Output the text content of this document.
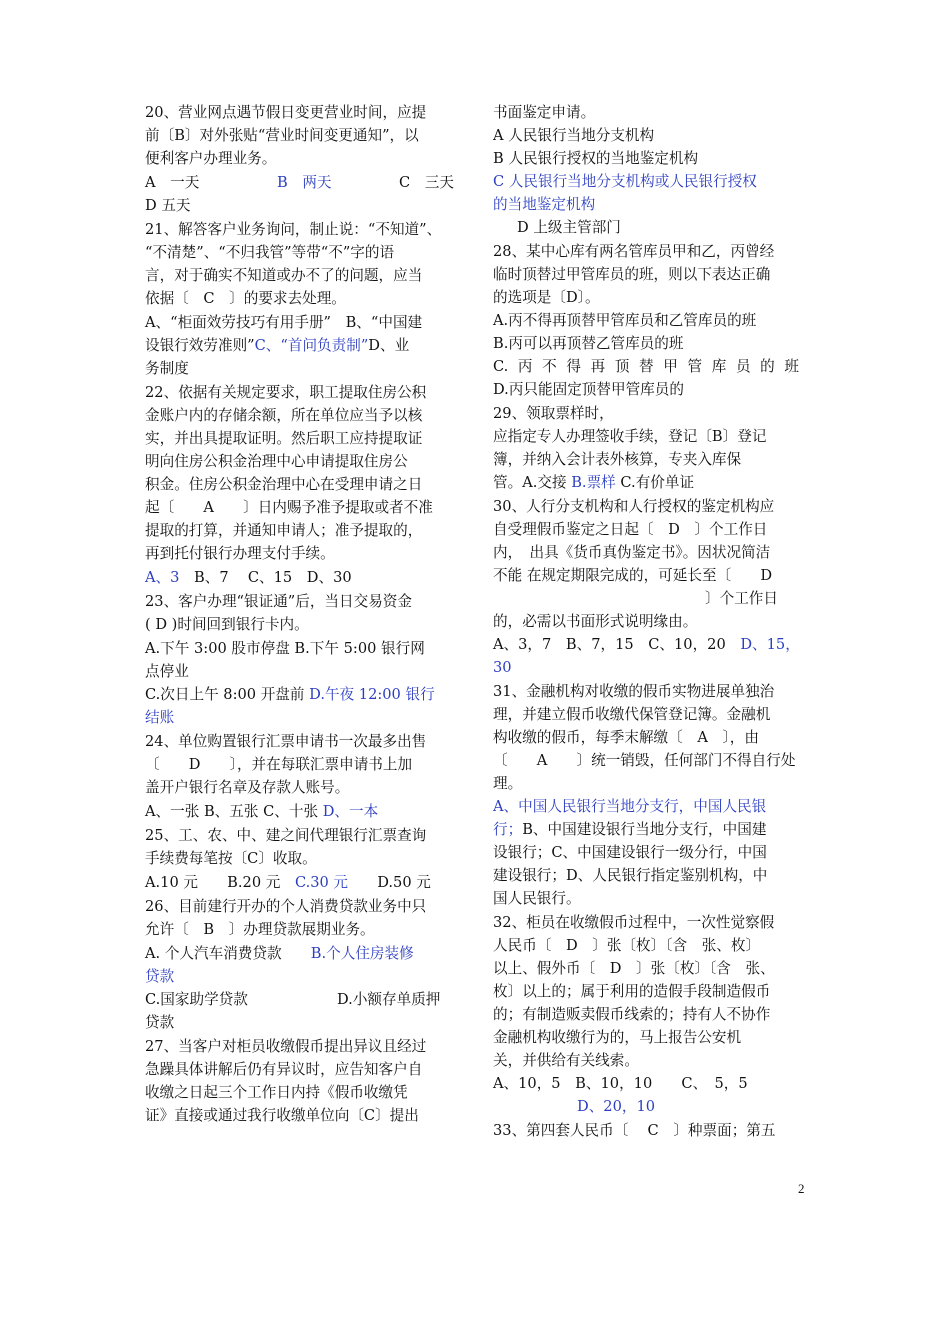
20、营业网点遇节假日变更营业时间，应提
前〔B〕对外张贴“营业时间变更通知”，以
便利客户办理业务。
A　一天	B　两天	C　三天
D 五天
21、解答客户业务询问，制止说：“不知道”、
“不清楚”、“不归我管”等带“不”字的语
言，对于确实不知道或办不了的问题，应当
依据〔　C　〕的要求去处理。
A、“柜面效劳技巧有用手册”　B、“中国建
设银行效劳准则”C、“首问负责制”D、业
务制度
22、依据有关规定要求，职工提取住房公积
金账户内的存储余额，所在单位应当予以核
实，并出具提取证明。然后职工应持提取证
明向住房公积金治理中心申请提取住房公
积金。住房公积金治理中心在受理申请之日
起〔　　A　　〕日内赐予准予提取或者不准
提取的打算，并通知申请人；准予提取的，
再到托付银行办理支付手续。
A、3　B、7　 C、15　D、30
23、客户办理“银证通”后，当日交易资金
( D )时间回到银行卡内。
A.下午 3:00 股市停盘 B.下午 5:00 银行网
点停业
C.次日上午 8:00 开盘前 D.午夜 12:00 银行
结账
24、单位购置银行汇票申请书一次最多出售
〔　　D　　〕，并在每联汇票申请书上加
盖开户银行名章及存款人账号。
A、一张 B、五张 C、十张 D、一本
25、工、农、中、建之间代理银行汇票查询
手续费每笔按〔C〕收取。
A.10 元　　B.20 元　C.30 元　　D.50 元
26、目前建行开办的个人消费贷款业务中只
允许〔　B　〕办理贷款展期业务。
A. 个人汽车消费贷款　　B.个人住房装修
贷款
C.国家助学贷款	D.小额存单质押
贷款
27、当客户对柜员收缴假币提出异议且经过
急躁具体讲解后仍有异议时，应告知客户自
收缴之日起三个工作日内持《假币收缴凭
证》直接或通过我行收缴单位向〔C〕提出
书面鉴定申请。
A 人民银行当地分支机构
B 人民银行授权的当地鉴定机构
C 人民银行当地分支机构或人民银行授权
的当地鉴定机构
D 上级主管部门
28、某中心库有两名管库员甲和乙，丙曾经
临时顶替过甲管库员的班，则以下表达正确
的选项是〔D〕。
A.丙不得再顶替甲管库员和乙管库员的班
B.丙可以再顶替乙管库员的班
C.丙不得再顶替甲管库员的班
D.丙只能固定顶替甲管库员的
29、领取票样时，
应指定专人办理签收手续，登记〔B〕登记
簿，并纳入会计表外核算，专夹入库保
管。A.交接 B.票样 C.有价单证
30、人行分支机构和人行授权的鉴定机构应
自受理假币鉴定之日起〔　D　〕个工作日
内，　出具《货币真伪鉴定书》。因状况简洁
不能 在规定期限完成的，可延长至〔　　D
〕个工作日
的，必需以书面形式说明缘由。
A、3，7　B、7，15　C、10，20　D、15，
30
31、金融机构对收缴的假币实物进展单独治
理，并建立假币收缴代保管登记簿。金融机
构收缴的假币，每季末解缴〔　A　〕，由
〔　　A　　〕统一销毁，任何部门不得自行处
理。
A、中国人民银行当地分支行，中国人民银
行；B、中国建设银行当地分支行，中国建
设银行；C、中国建设银行一级分行，中国
建设银行；D、人民银行指定鉴别机构，中
国人民银行。
32、柜员在收缴假币过程中，一次性觉察假
人民币〔　D　〕张〔枚〕〔含　张、枚〕
以上、假外币〔　D　〕张〔枚〕〔含　张、
枚〕以上的；属于利用的造假手段制造假币
的；有制造贩卖假币线索的；持有人不协作
金融机构收缴行为的，马上报告公安机
关，并供给有关线索。
A、10，5　B、10，10　　C、　5，5
D、20，10
33、第四套人民币〔　 C　〕种票面；第五
2
